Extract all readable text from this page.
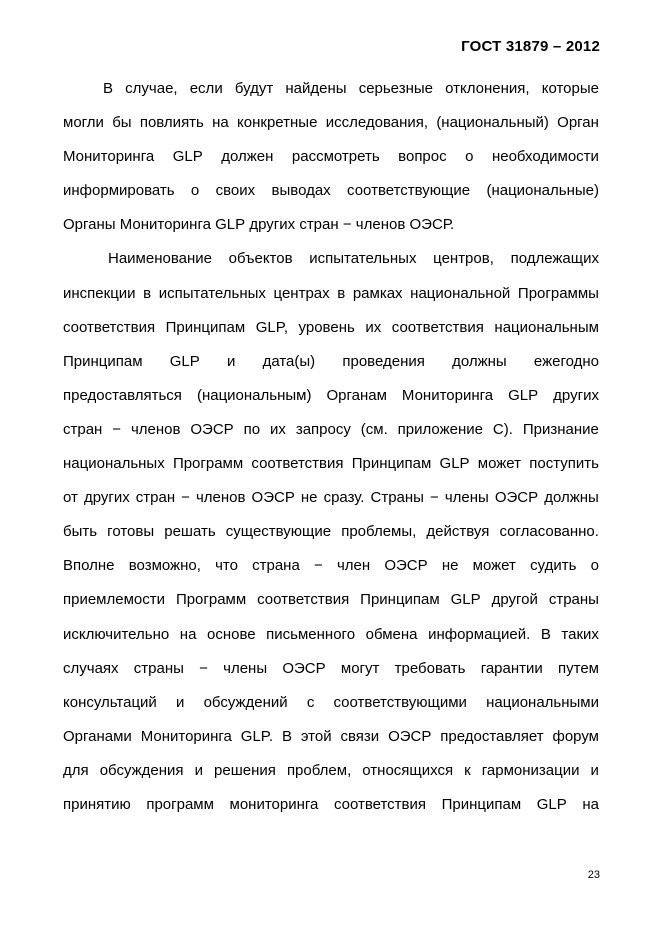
ГОСТ 31879 – 2012
В случае, если будут найдены серьезные отклонения, которые
могли бы повлиять на конкретные исследования, (национальный) Орган
Мониторинга GLP должен рассмотреть вопрос о необходимости
информировать о своих выводах соответствующие (национальные)
Органы Мониторинга GLP других стран − членов ОЭСР.
Наименование объектов испытательных центров, подлежащих
инспекции в испытательных центрах в рамках национальной Программы
соответствия Принципам GLP, уровень их соответствия национальным
Принципам GLP и дата(ы) проведения должны ежегодно
предоставляться (национальным) Органам Мониторинга GLP других
стран − членов ОЭСР по их запросу (см. приложение С). Признание
национальных Программ соответствия Принципам GLP может поступить
от других стран − членов ОЭСР не сразу. Страны − члены ОЭСР должны
быть готовы решать существующие проблемы, действуя согласованно.
Вполне возможно, что страна − член ОЭСР не может судить о
приемлемости Программ соответствия Принципам GLP другой страны
исключительно на основе письменного обмена информацией. В таких
случаях страны − члены ОЭСР могут требовать гарантии путем
консультаций и обсуждений с соответствующими национальными
Органами Мониторинга GLP. В этой связи ОЭСР предоставляет форум
для обсуждения и решения проблем, относящихся к гармонизации и
принятию программ мониторинга соответствия Принципам GLP на
23
